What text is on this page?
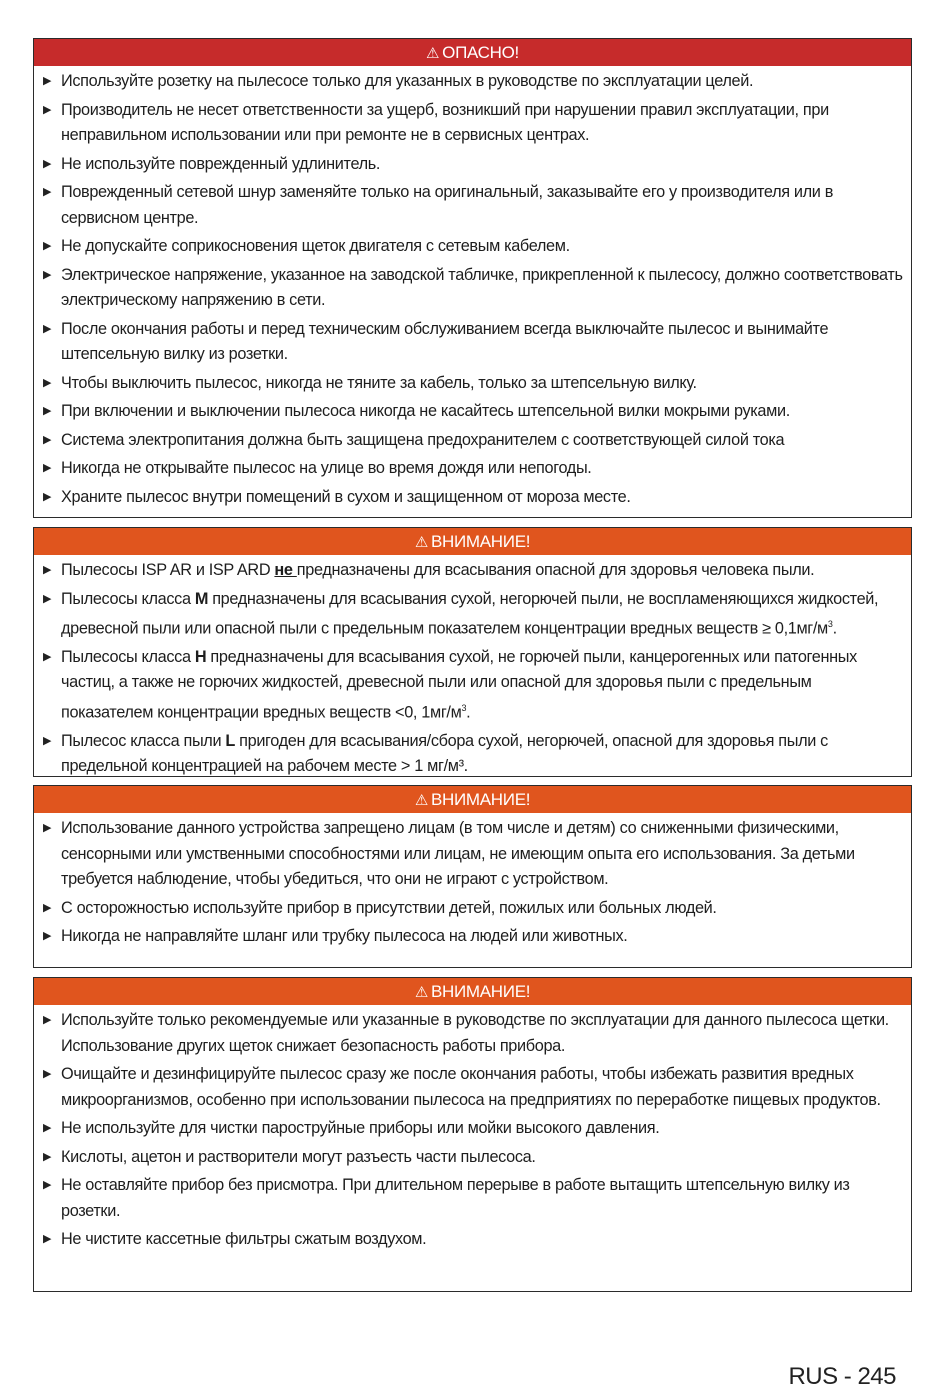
⚠ ОПАСНО!
▶ Используйте розетку на пылесосе только для указанных в руководстве по эксплуатации целей.
▶ Производитель не несет ответственности за ущерб, возникший при нарушении правил эксплуатации, при неправильном использовании или при ремонте не в сервисных центрах.
▶ Не используйте поврежденный удлинитель.
▶ Поврежденный сетевой шнур заменяйте только на оригинальный, заказывайте его у производителя или в сервисном центре.
▶ Не допускайте соприкосновения щеток двигателя с сетевым кабелем.
▶ Электрическое напряжение, указанное на заводской табличке, прикрепленной к пылесосу, должно соответствовать электрическому напряжению в сети.
▶ После окончания работы и перед техническим обслуживанием всегда выключайте пылесос и вынимайте штепсельную вилку из розетки.
▶ Чтобы выключить пылесос, никогда не тяните за кабель, только за штепсельную вилку.
▶ При включении и выключении пылесоса никогда не касайтесь штепсельной вилки мокрыми руками.
▶ Система электропитания должна быть защищена предохранителем с соответствующей силой тока
▶ Никогда не открывайте пылесос на улице во время дождя или непогоды.
▶ Храните пылесос внутри помещений в сухом и защищенном от мороза месте.
⚠ ВНИМАНИЕ!
▶ Пылесосы ISP AR и ISP ARD не предназначены для всасывания опасной для здоровья человека пыли.
▶ Пылесосы класса M предназначены для всасывания сухой, негорючей пыли, не воспламеняющихся жидкостей, древесной пыли или опасной пыли с предельным показателем концентрации вредных веществ ≥ $0,1мг/м^3$.
▶ Пылесосы класса H предназначены для всасывания сухой, не горючей пыли, канцерогенных или патогенных частиц, а также не горючих жидкостей, древесной пыли или опасной для здоровья пыли с предельным показателем концентрации вредных веществ <0, $1мг/м^3$.
▶ Пылесос класса пыли L пригоден для всасывания/сбора сухой, негорючей, опасной для здоровья пыли с предельной концентрацией на рабочем месте > 1 мг/м³.
⚠ ВНИМАНИЕ!
▶ Использование данного устройства запрещено лицам (в том числе и детям) со сниженными физическими, сенсорными или умственными способностями или лицам, не имеющим опыта его использования. За детьми требуется наблюдение, чтобы убедиться, что они не играют с устройством.
▶ С осторожностью используйте прибор в присутствии детей, пожилых или больных людей.
▶ Никогда не направляйте шланг или трубку пылесоса на людей или животных.
⚠ ВНИМАНИЕ!
▶ Используйте только рекомендуемые или указанные в руководстве по эксплуатации для данного пылесоса щетки. Использование других щеток снижает безопасность работы прибора.
▶ Очищайте и дезинфицируйте пылесос сразу же после окончания работы, чтобы избежать развития вредных микроорганизмов, особенно при использовании пылесоса на предприятиях по переработке пищевых продуктов.
▶ Не используйте для чистки пароструйные приборы или мойки высокого давления.
▶ Кислоты, ацетон и растворители могут разъесть части пылесоса.
▶ Не оставляйте прибор без присмотра. При длительном перерыве в работе вытащить штепсельную вилку из розетки.
▶ Не чистите кассетные фильтры сжатым воздухом.
RUS - 245
